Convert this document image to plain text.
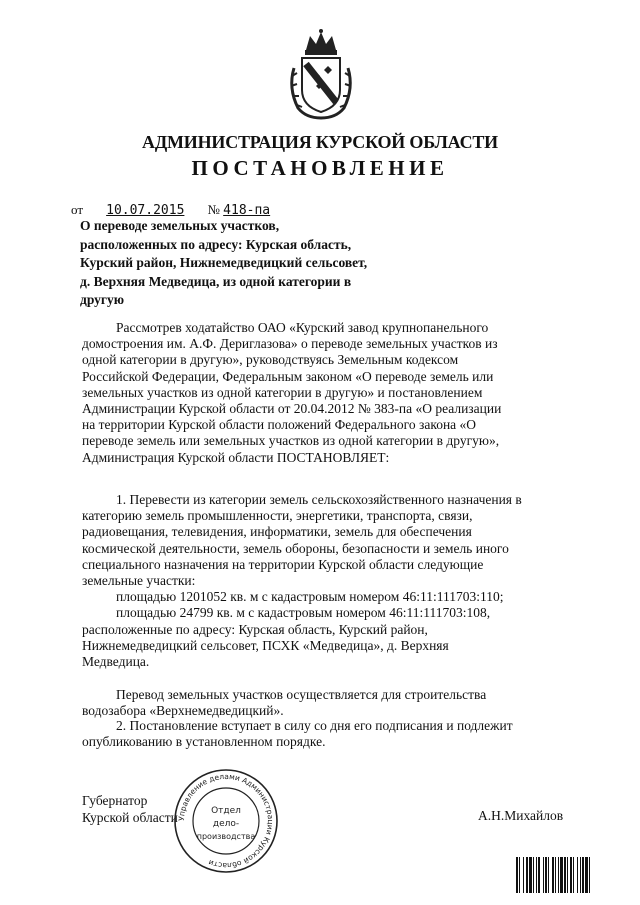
АДМИНИСТРАЦИЯ КУРСКОЙ ОБЛАСТИ
ПОСТАНОВЛЕНИЕ
от 10.07.2015 № 418-па
О переводе земельных участков,
расположенных по адресу: Курская область,
Курский район, Нижнемедведицкий сельсовет,
д. Верхняя Медведица, из одной категории в
другую
Рассмотрев ходатайство ОАО «Курский завод крупнопанельного
домостроения им. А.Ф. Дериглазова» о переводе земельных участков из
одной категории в другую», руководствуясь Земельным кодексом
Российской Федерации, Федеральным законом «О переводе земель или
земельных участков из одной категории в другую» и постановлением
Администрации Курской области от 20.04.2012 № 383-па «О реализации
на территории Курской области положений Федерального закона «О
переводе земель или земельных участков из одной категории в другую»,
Администрация Курской области ПОСТАНОВЛЯЕТ:
1. Перевести из категории земель сельскохозяйственного назначения в
категорию земель промышленности, энергетики, транспорта, связи,
радиовещания, телевидения, информатики, земель для обеспечения
космической деятельности, земель обороны, безопасности и земель иного
специального назначения на территории Курской области следующие
земельные участки:
площадью 1201052 кв. м с кадастровым номером 46:11:111703:110;
площадью 24799 кв. м с кадастровым номером 46:11:111703:108,
расположенные по адресу: Курская область, Курский район,
Нижнемедведицкий сельсовет, ПСХК «Медведица», д. Верхняя
Медведица.
Перевод земельных участков осуществляется для строительства
водозабора «Верхнемедведицкий».
2. Постановление вступает в силу со дня его подписания и подлежит
опубликованию в установленном порядке.
Губернатор
Курской области Управление делами Администрации Курской области
Отдел
дело-
производства
А.Н.Михайлов
